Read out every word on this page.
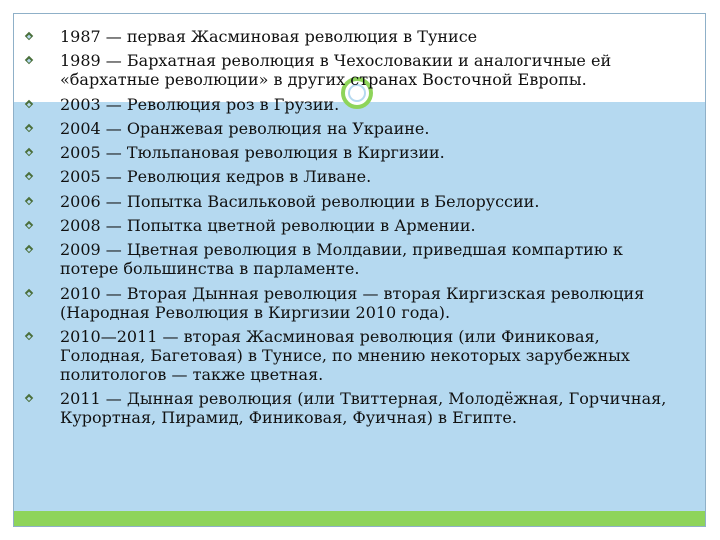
1987 — первая Жасминовая революция в Тунисе
1989 — Бархатная революция в Чехословакии и аналогичные ей «бархатные революции» в других странах Восточной Европы.
2003 — Революция роз в Грузии.
2004 — Оранжевая революция на Украине.
2005 — Тюльпановая революция в Киргизии.
2005 — Революция кедров в Ливане.
2006 — Попытка Васильковой революции в Белоруссии.
2008 — Попытка цветной революции в Армении.
2009 — Цветная революция в Молдавии, приведшая компартию к потере большинства в парламенте.
2010 — Вторая Дынная революция — вторая Киргизская революция (Народная Революция в Киргизии 2010 года).
2010—2011 — вторая Жасминовая революция (или Финиковая, Голодная, Багетовая) в Тунисе, по мнению некоторых зарубежных политологов — также цветная.
2011 — Дынная революция (или Твиттерная, Молодёжная, Горчичная, Курортная, Пирамид, Финиковая, Фуичная) в Египте.
